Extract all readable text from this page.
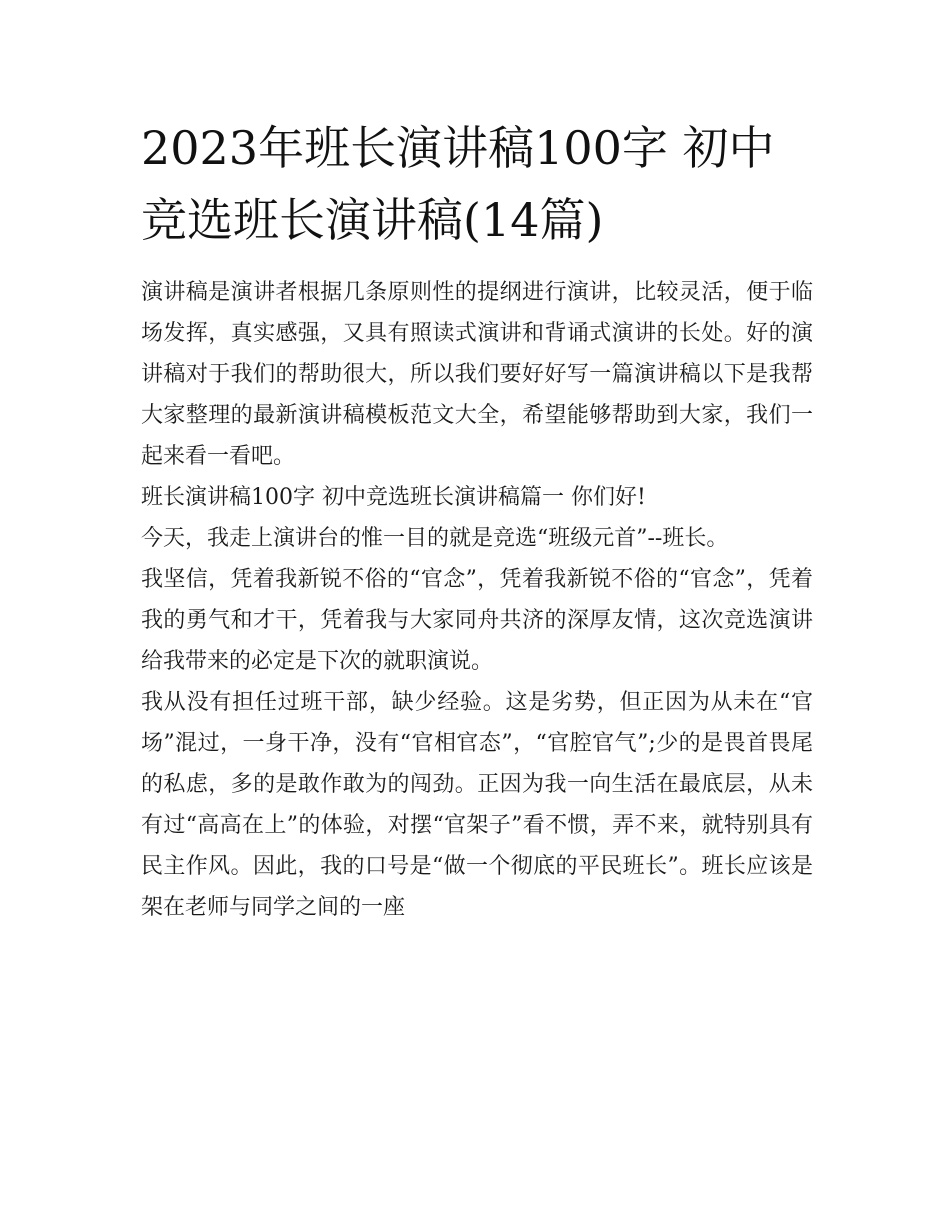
2023年班长演讲稿100字 初中
竞选班长演讲稿(14篇)

演讲稿是演讲者根据几条原则性的提纲进行演讲，比较灵活，便于临场发挥，真实感强，又具有照读式演讲和背诵式演讲的长处。好的演讲稿对于我们的帮助很大，所以我们要好好写一篇演讲稿以下是我帮大家整理的最新演讲稿模板范文大全，希望能够帮助到大家，我们一起来看一看吧。

班长演讲稿100字 初中竞选班长演讲稿篇一 你们好!

今天，我走上演讲台的惟一目的就是竞选“班级元首”--班长。

我坚信，凭着我新锐不俗的“官念”，凭着我新锐不俗的“官念”，凭着我的勇气和才干，凭着我与大家同舟共济的深厚友情，这次竞选演讲给我带来的必定是下次的就职演说。

我从没有担任过班干部，缺少经验。这是劣势，但正因为从未在“官场”混过，一身干净，没有“官相官态”，“官腔官气”;少的是畏首畏尾的私虑，多的是敢作敢为的闯劲。正因为我一向生活在最底层，从未有过“高高在上”的体验，对摆“官架子”看不惯，弄不来，就特别具有民主作风。因此，我的口号是“做一个彻底的平民班长”。班长应该是架在老师与同学之间的一座
